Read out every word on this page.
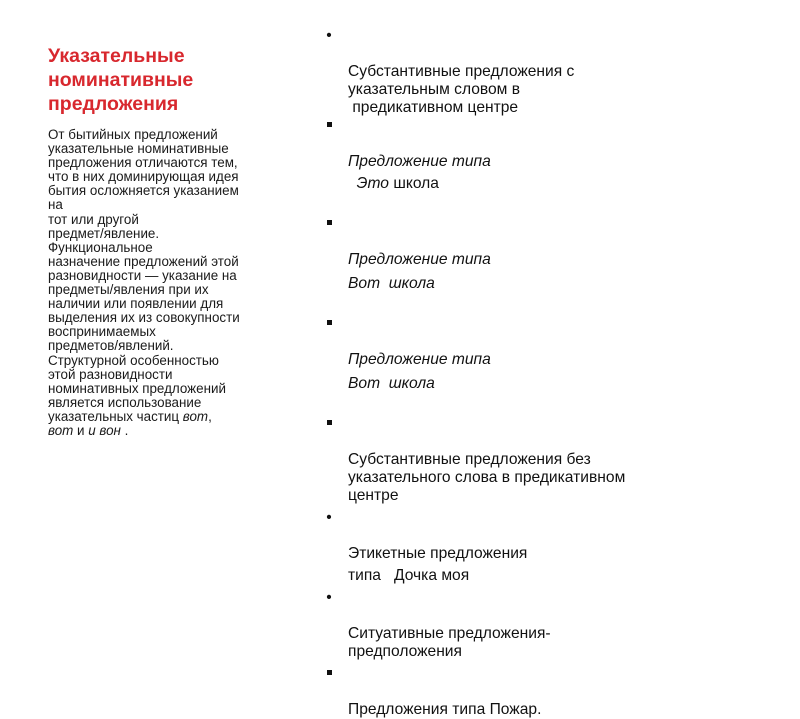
Указательные
номинативные
предложения

От бытийных предложений
указательные номинативные
предложения отличаются тем,
что в них доминирующая идея
бытия осложняется указанием
на
тот или другой
предмет/явление.
Функциональное
назначение предложений этой
разновидности — указание на
предметы/явления при их
наличии или появлении для
выделения их из совокупности
воспринимаемых
предметов/явлений.

Структурной особенностью
этой разновидности
номинативных предложений
является использование
указательных частиц вот,
вот и и вон .

•

Субстантивные предложения с
указательным словом в

предикативном центре

Предложение типа

Это школа

Предложение типа

Вот  школа

Предложение типа

Вот  школа

Субстантивные предложения без
указательного слова в предикативном
центре

•

Этикетные предложения

типа   Дочка моя

•

Ситуативные предложения-
предположения

Предложения типа Пожар.
